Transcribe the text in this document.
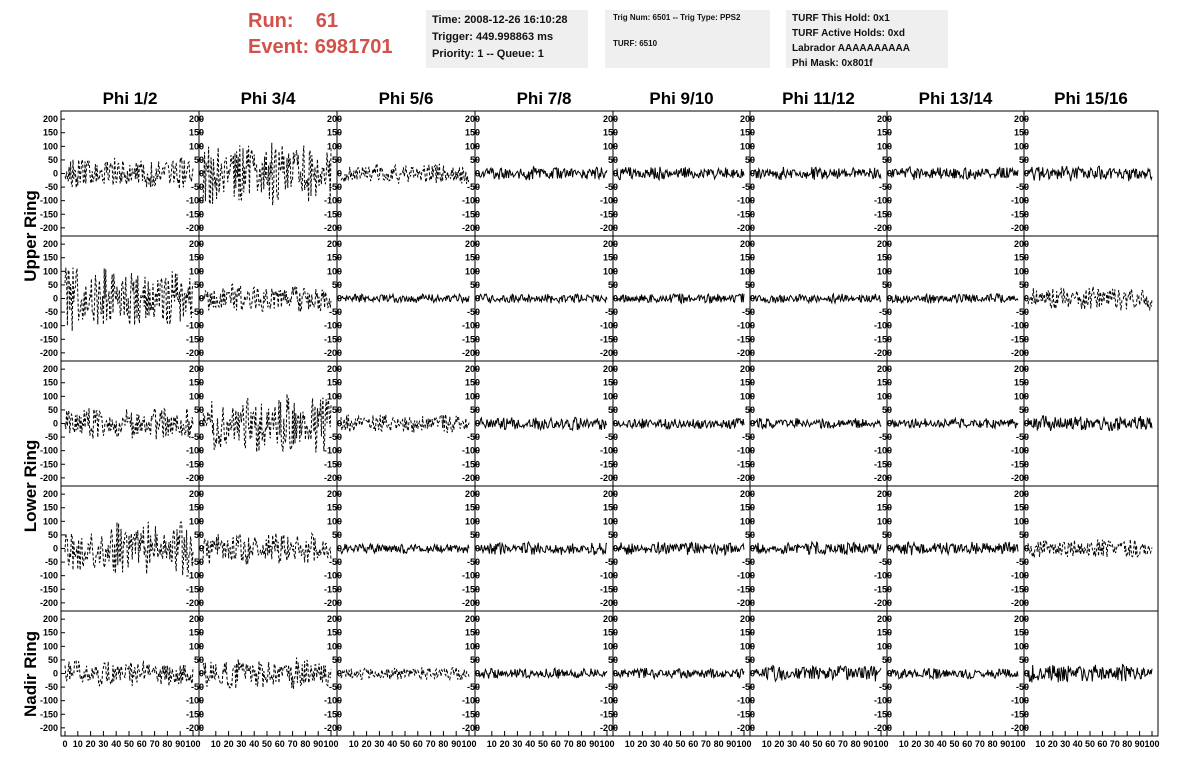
Run: 61
Event: 6981701
Time: 2008-12-26 16:10:28
Trigger: 449.998863 ms
Priority: 1 -- Queue: 1
Trig Num: 6501 -- Trig Type: PPS2
TURF: 6510
TURF This Hold: 0x1
TURF Active Holds: 0xd
Labrador AAAAAAAAAA
Phi Mask: 0x801f
Phi 1/2	Phi 3/4	Phi 5/6	Phi 7/8	Phi 9/10	Phi 11/12	Phi 13/14	Phi 15/16
Upper Ring
Lower Ring
Nadir Ring
200
150
100
50
0
-50
-100
-150
-200
200
150
100
50
0
-50
-100
-150
-200
200
150
100
50
0
-50
-100
-150
-200
200
150
100
50
0
-50
-100
-150
-200
200
150
100
50
0
-50
-100
-150
-200
200
150
100
50
0
-50
-100
-150
-200
200
150
100
50
0
-50
-100
-150
-200
200
150
100
50
0
-50
-100
-150
-200
200
150
100
50
0
-50
-100
-150
-200
200
150
100
50
0
-50
-100
-150
-200
200
150
100
50
0
-50
-100
-150
-200
200
150
100
50
0
-50
-100
-150
-200
200
150
100
50
0
-50
-100
-150
-200
200
150
100
50
0
-50
-100
-150
-200
200
150
100
50
0
-50
-100
-150
-200
200
150
100
50
0
-50
-100
-150
-200
200
150
100
50
0
-50
-100
-150
-200
200
150
100
50
0
-50
-100
-150
-200
200
150
100
50
0
-50
-100
-150
-200
200
150
100
50
0
-50
-100
-150
-200
200
150
100
50
0
-50
-100
-150
-200
200
150
100
50
0
-50
-100
-150
-200
200
150
100
50
0
-50
-100
-150
-200
200
150
100
50
0
-50
-100
-150
-200
200
150
100
50
0
-50
-100
-150
-200
200
150
100
50
0
-50
-100
-150
-200
200
150
100
50
0
-50
-100
-150
-200
200
150
100
50
0
-50
-100
-150
-200
200
150
100
50
0
-50
-100
-150
-200
200
150
100
50
0
-50
-100
-150
-200
200
150
100
50
0
-50
-100
-150
-200
200
150
100
50
0
-50
-100
-150
-200
200
150
100
50
0
-50
-100
-150
-200
200
150
100
50
0
-50
-100
-150
-200
200
150
100
50
0
-50
-100
-150
-200
200
150
100
50
0
-50
-100
-150
-200
200
150
100
50
0
-50
-100
-150
-200
200
150
100
50
0
-50
-100
-150
-200
200
150
100
50
0
-50
-100
-150
-200
200
150
100
50
0
-50
-100
-150
-200
0 10 20 30 40 50 60 70 80 90 100 10 20 30 40 50 60 70 80 90 100 10 20 30 40 50 60 70 80 90 100 10 20 30 40 50 60 70 80 90 100 10 20 30 40 50 60 70 80 90 100 10 20 30 40 50 60 70 80 90 100 10 20 30 40 50 60 70 80 90 100 10 20 30 40 50 60 70 80 90 100
